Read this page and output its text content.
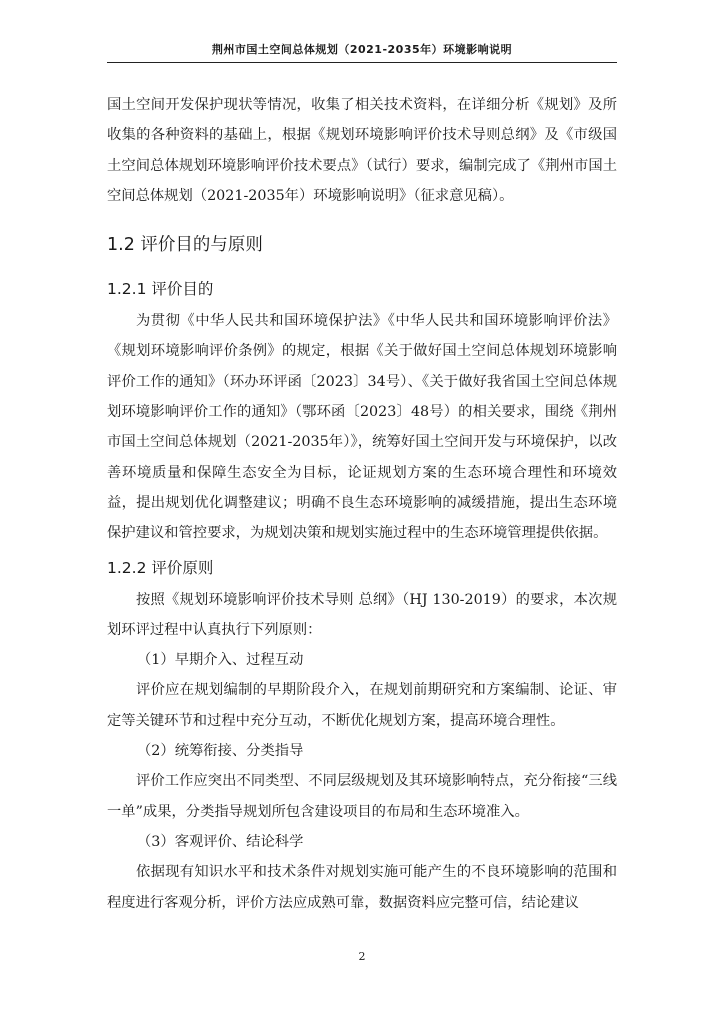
荆州市国土空间总体规划（2021-2035年）环境影响说明

国土空间开发保护现状等情况，收集了相关技术资料，在详细分析《规划》及所收集的各种资料的基础上，根据《规划环境影响评价技术导则总纲》及《市级国土空间总体规划环境影响评价技术要点》（试行）要求，编制完成了《荆州市国土空间总体规划（2021-2035年）环境影响说明》（征求意见稿）。

1.2 评价目的与原则
1.2.1 评价目的

为贯彻《中华人民共和国环境保护法》《中华人民共和国环境影响评价法》《规划环境影响评价条例》的规定，根据《关于做好国土空间总体规划环境影响评价工作的通知》（环办环评函〔2023〕34号）、《关于做好我省国土空间总体规划环境影响评价工作的通知》（鄂环函〔2023〕48号）的相关要求，围绕《荆州市国土空间总体规划（2021-2035年）》，统筹好国土空间开发与环境保护，以改善环境质量和保障生态安全为目标，论证规划方案的生态环境合理性和环境效益，提出规划优化调整建议；明确不良生态环境影响的减缓措施，提出生态环境保护建议和管控要求，为规划决策和规划实施过程中的生态环境管理提供依据。

1.2.2 评价原则

按照《规划环境影响评价技术导则 总纲》（HJ 130-2019）的要求，本次规划环评过程中认真执行下列原则：

（1）早期介入、过程互动

评价应在规划编制的早期阶段介入，在规划前期研究和方案编制、论证、审定等关键环节和过程中充分互动，不断优化规划方案，提高环境合理性。

（2）统筹衔接、分类指导

评价工作应突出不同类型、不同层级规划及其环境影响特点，充分衔接“三线一单”成果，分类指导规划所包含建设项目的布局和生态环境准入。

（3）客观评价、结论科学

依据现有知识水平和技术条件对规划实施可能产生的不良环境影响的范围和程度进行客观分析，评价方法应成熟可靠，数据资料应完整可信，结论建议

2
